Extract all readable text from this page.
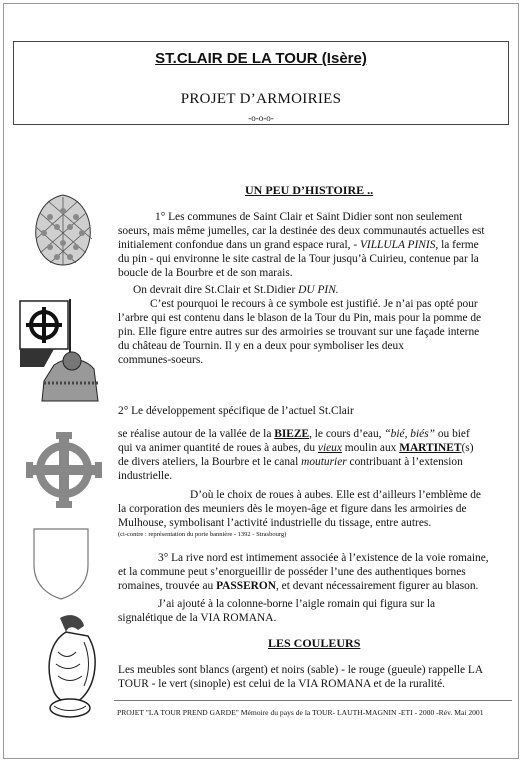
ST.CLAIR DE LA TOUR (Isère)
PROJET D’ARMOIRIES
-o-o-o-
UN PEU D’HISTOIRE ..
1° Les communes de Saint Clair et Saint Didier sont non seulement
soeurs, mais même jumelles, car la destinée des deux communautés actuelles est
initialement confondue dans un grand espace rural, - VILLULA PINIS, la ferme
du pin - qui environne le site castral de la Tour jusqu’à Cuirieu, contenue par la
boucle de la Bourbre et de son marais.
On devrait dire St.Clair et St.Didier DU PIN.
C’est pourquoi le recours à ce symbole est justifié. Je n’ai pas opté pour
l’arbre qui est contenu dans le blason de la Tour du Pin, mais pour la pomme de
pin. Elle figure entre autres sur des armoiries se trouvant sur une façade interne
du château de Tournin. Il y en a deux pour symboliser les deux
communes-soeurs.
2° Le développement spécifique de l’actuel St.Clair
se réalise autour de la vallée de la BIEZE, le cours d’eau, “bié, biés” ou bief
qui va animer quantité de roues à aubes, du vieux moulin aux MARTINET(s)
de divers ateliers, la Bourbre et le canal mouturier contribuant à l’extension
industrielle.
D’où le choix de roues à aubes. Elle est d’ailleurs l’emblème de
la corporation des meuniers dès le moyen-âge et figure dans les armoiries de
Mulhouse, symbolisant l’activité industrielle du tissage, entre autres.
(ci-contre : représentation du porte bannière - 1392 - Strasbourg)
3° La rive nord est intimement associée à l’existence de la voie romaine,
et la commune peut s’enorgueillir de posséder l’une des authentiques bornes
romaines, trouvée au PASSERON, et devant nécessairement figurer au blason.
J’ai ajouté à la colonne-borne l’aigle romain qui figura sur la
signalétique de la VIA ROMANA.
LES COULEURS
Les meubles sont blancs (argent) et noirs (sable) - le rouge (gueule) rappelle LA
TOUR - le vert (sinople) est celui de la VIA ROMANA et de la ruralité.
PROJET "LA TOUR PREND GARDE" Mémoire du pays de la TOUR- LAUTH-MAGNIN -ETI - 2000 -Rév. Mai 2001
